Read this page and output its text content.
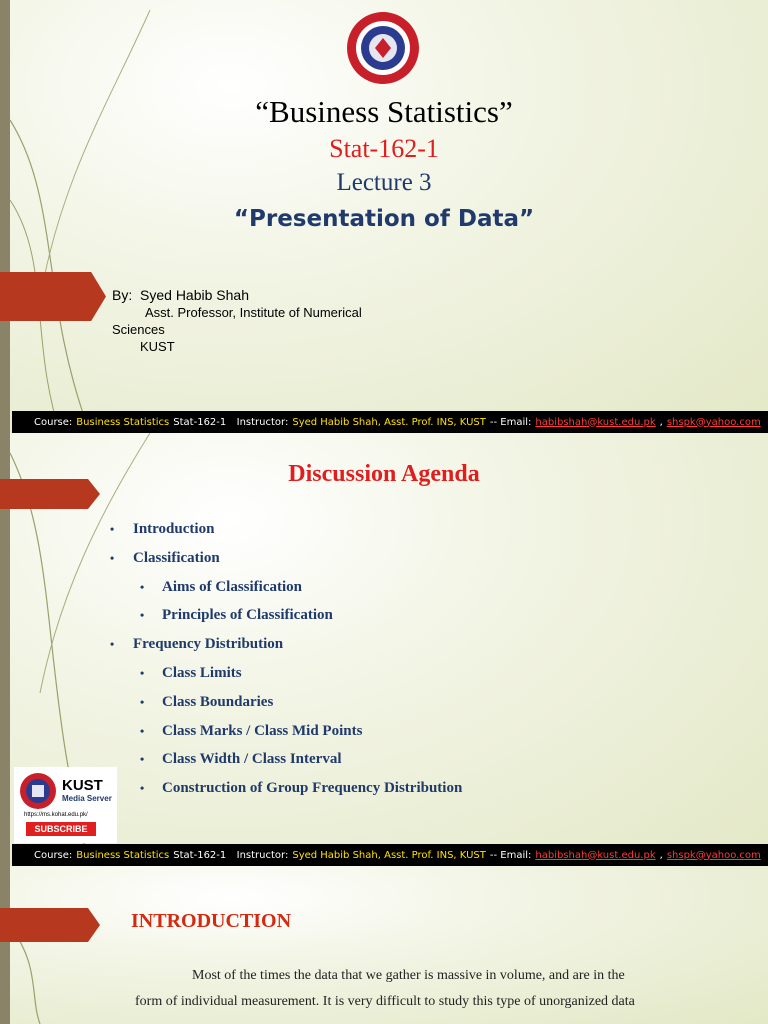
“Business Statistics”
Stat-162-1
Lecture 3
“Presentation of Data”
By: Syed Habib Shah
Asst. Professor, Institute of Numerical
Sciences
KUST
Course: Business Statistics Stat-162-1
Instructor: Syed Habib Shah, Asst. Prof. INS, KUST -- Email: habibshah@kust.edu.pk , shspk@yahoo.com
Discussion Agenda
• Introduction
• Classification
• Aims of Classification
• Principles of Classification
• Frequency Distribution
• Class Limits
• Class Boundaries
• Class Marks / Class Mid Points
• Class Width / Class Interval
• Construction of Group Frequency Distribution
KUST
Media Server
https://ms.kohat.edu.pk/
SUBSCRIBE
Course: Business Statistics Stat-162-1
Instructor: Syed Habib Shah, Asst. Prof. INS, KUST -- Email: habibshah@kust.edu.pk , shspk@yahoo.com
INTRODUCTION
Most of the times the data that we gather is massive in volume, and are in the
form of individual measurement. It is very difficult to study this type of unorganized data
